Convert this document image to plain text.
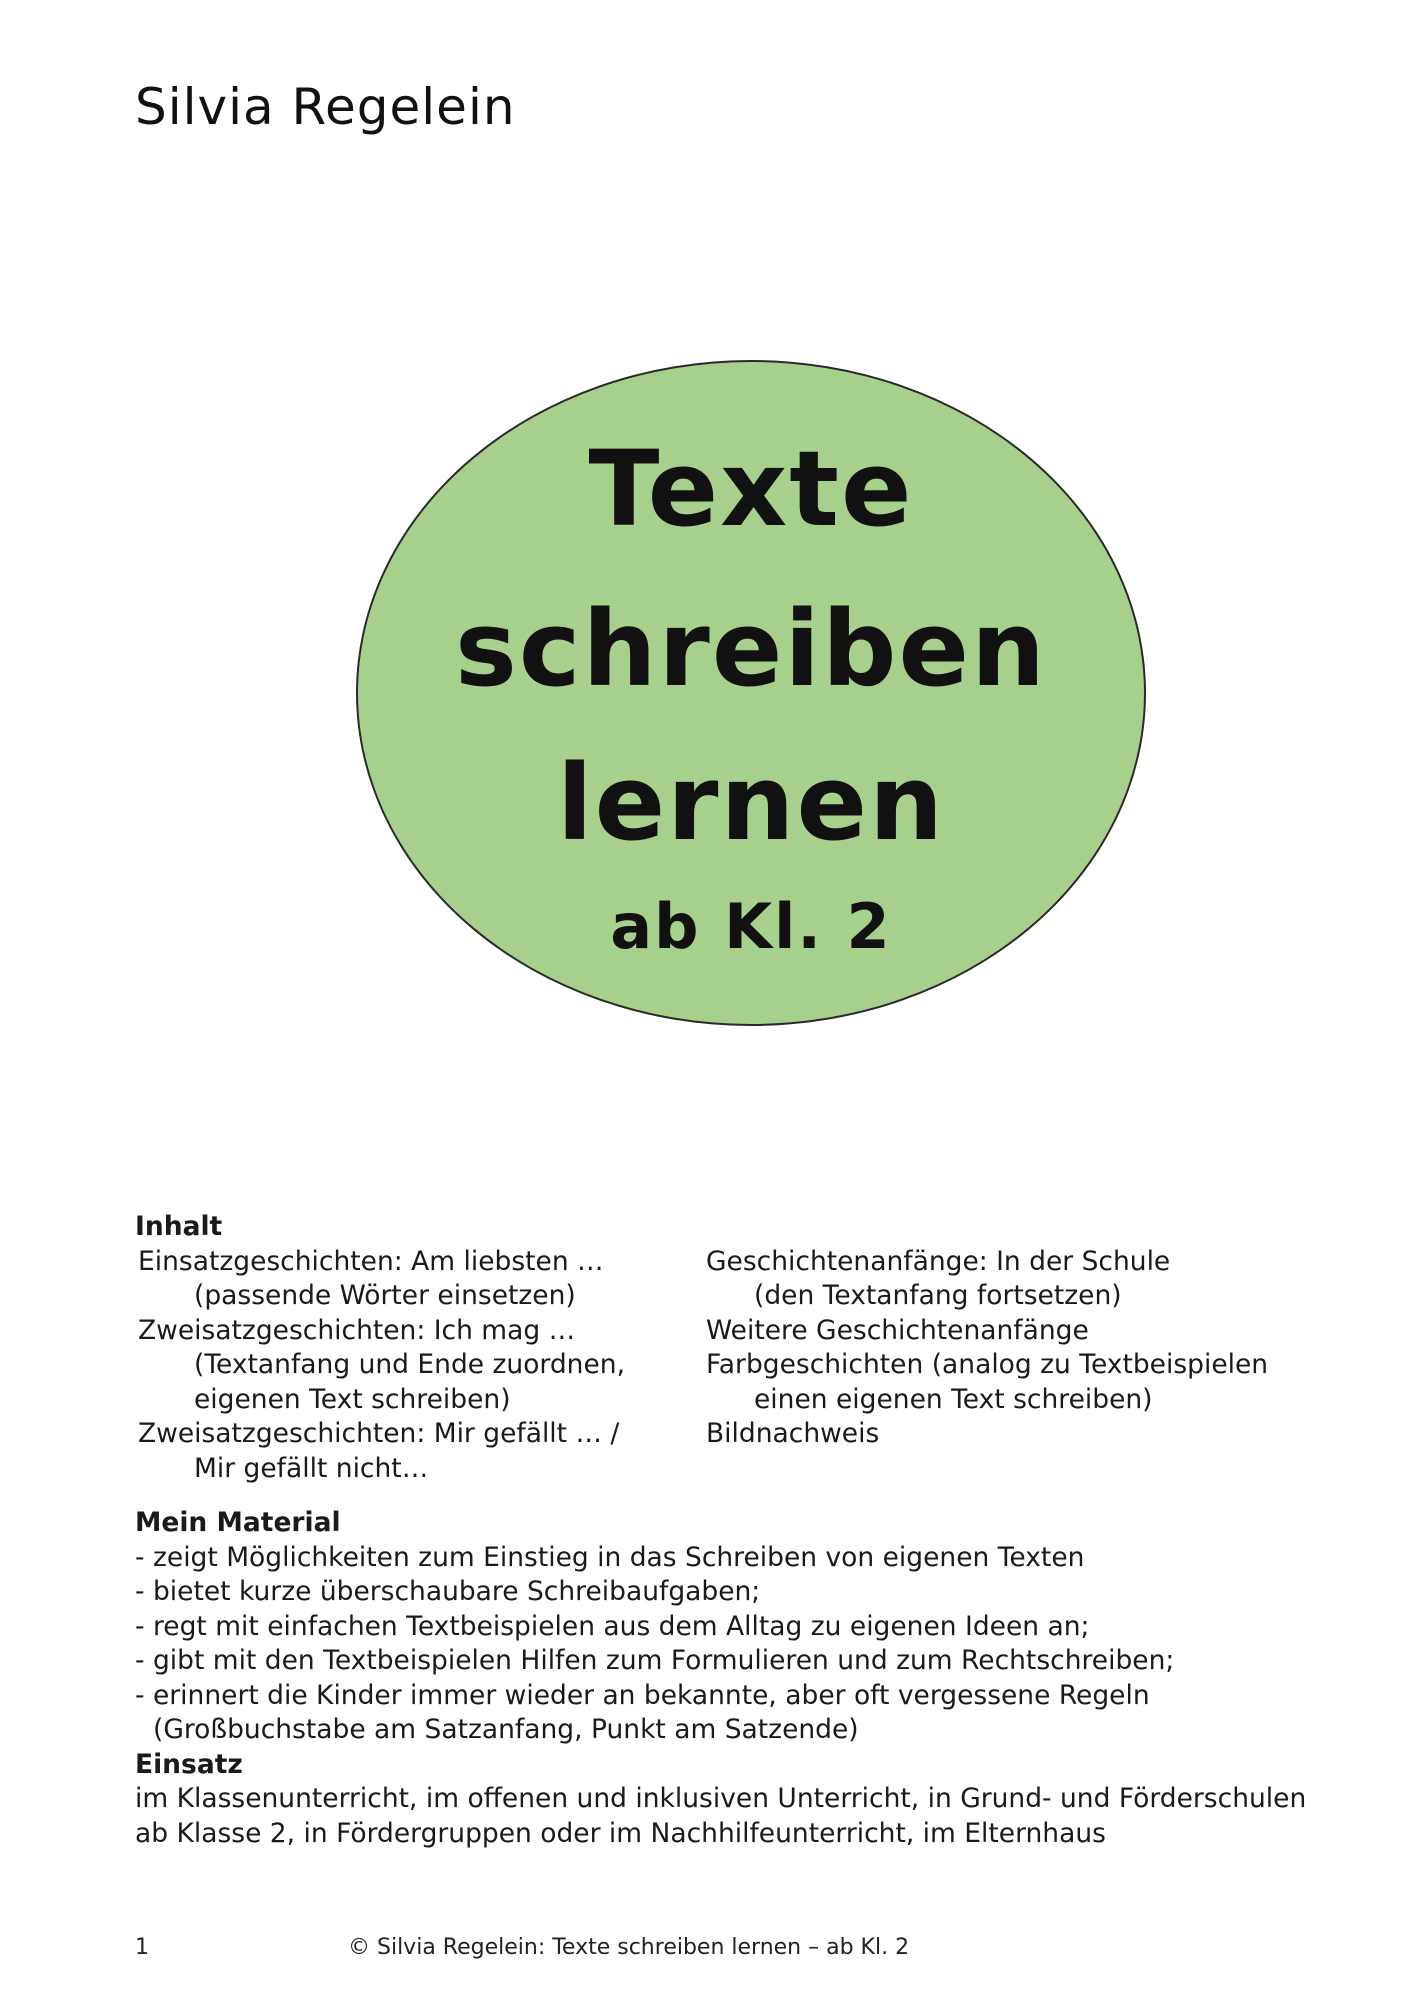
Silvia Regelein
Texte
schreiben
lernen
ab Kl. 2
Inhalt
Einsatzgeschichten: Am liebsten …
(passende Wörter einsetzen)
Zweisatzgeschichten: Ich mag …
(Textanfang und Ende zuordnen,
eigenen Text schreiben)
Zweisatzgeschichten: Mir gefällt … /
Mir gefällt nicht…
Geschichtenanfänge: In der Schule
(den Textanfang fortsetzen)
Weitere Geschichtenanfänge
Farbgeschichten (analog zu Textbeispielen
einen eigenen Text schreiben)
Bildnachweis
Mein Material
- zeigt Möglichkeiten zum Einstieg in das Schreiben von eigenen Texten
- bietet kurze überschaubare Schreibaufgaben;
- regt mit einfachen Textbeispielen aus dem Alltag zu eigenen Ideen an;
- gibt mit den Textbeispielen Hilfen zum Formulieren und zum Rechtschreiben;
- erinnert die Kinder immer wieder an bekannte, aber oft vergessene Regeln
(Großbuchstabe am Satzanfang, Punkt am Satzende)
Einsatz
im Klassenunterricht, im offenen und inklusiven Unterricht, in Grund- und Förderschulen
ab Klasse 2, in Fördergruppen oder im Nachhilfeunterricht, im Elternhaus
1	© Silvia Regelein: Texte schreiben lernen – ab Kl. 2
